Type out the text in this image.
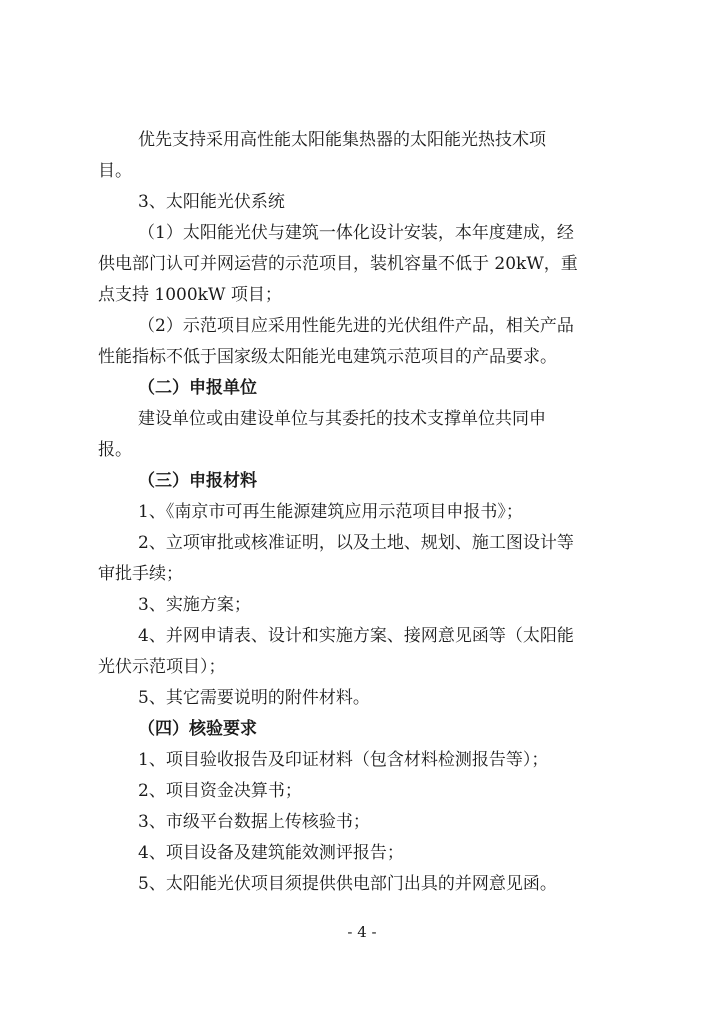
优先支持采用高性能太阳能集热器的太阳能光热技术项
目。
3、太阳能光伏系统
（1）太阳能光伏与建筑一体化设计安装，本年度建成，经
供电部门认可并网运营的示范项目，装机容量不低于 20kW，重
点支持 1000kW 项目；
（2）示范项目应采用性能先进的光伏组件产品，相关产品
性能指标不低于国家级太阳能光电建筑示范项目的产品要求。
（二）申报单位
建设单位或由建设单位与其委托的技术支撑单位共同申
报。
（三）申报材料
1、《南京市可再生能源建筑应用示范项目申报书》；
2、立项审批或核准证明，以及土地、规划、施工图设计等
审批手续；
3、实施方案；
4、并网申请表、设计和实施方案、接网意见函等（太阳能
光伏示范项目）；
5、其它需要说明的附件材料。
（四）核验要求
1、项目验收报告及印证材料（包含材料检测报告等）；
2、项目资金决算书；
3、市级平台数据上传核验书；
4、项目设备及建筑能效测评报告；
5、太阳能光伏项目须提供供电部门出具的并网意见函。
- 4 -
